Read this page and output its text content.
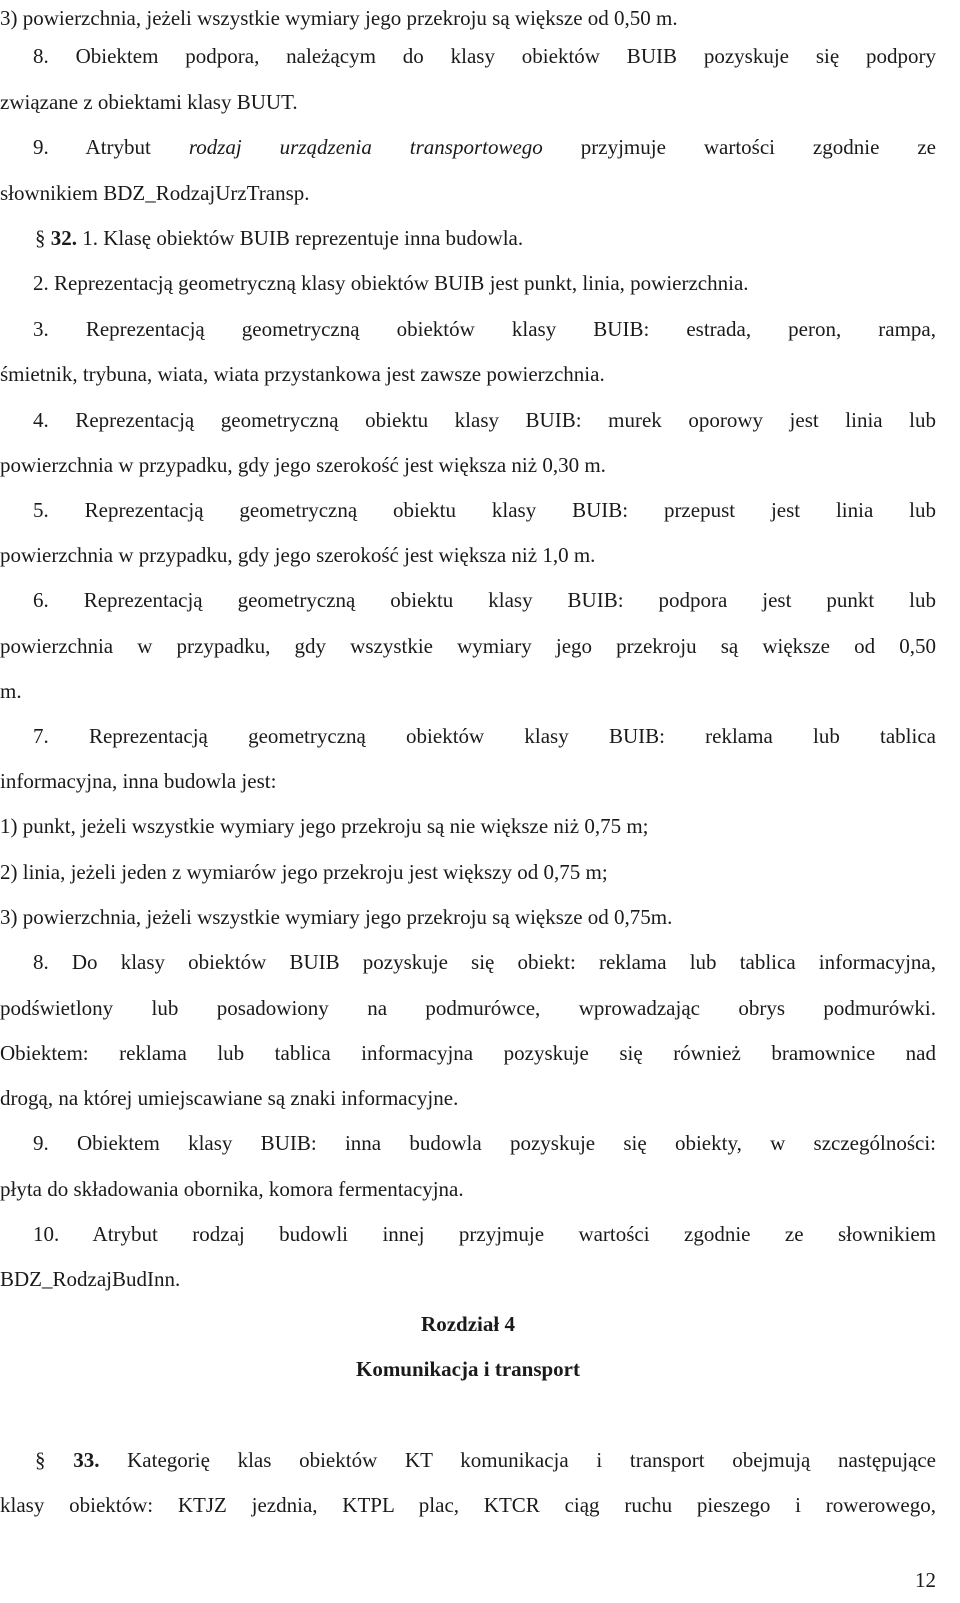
3) powierzchnia, jeżeli wszystkie wymiary jego przekroju są większe od 0,50 m.
8. Obiektem podpora, należącym do klasy obiektów BUIB pozyskuje się podpory
związane z obiektami klasy BUUT.
9. Atrybut rodzaj urządzenia transportowego przyjmuje wartości zgodnie ze
słownikiem BDZ_RodzajUrzTransp.
§ 32. 1. Klasę obiektów BUIB reprezentuje inna budowla.
2. Reprezentacją geometryczną klasy obiektów BUIB jest punkt, linia, powierzchnia.
3. Reprezentacją geometryczną obiektów klasy BUIB: estrada, peron, rampa,
śmietnik, trybuna, wiata, wiata przystankowa jest zawsze powierzchnia.
4. Reprezentacją geometryczną obiektu klasy BUIB: murek oporowy jest linia lub
powierzchnia w przypadku, gdy jego szerokość jest większa niż 0,30 m.
5. Reprezentacją geometryczną obiektu klasy BUIB: przepust jest linia lub
powierzchnia w przypadku, gdy jego szerokość jest większa niż 1,0 m.
6. Reprezentacją geometryczną obiektu klasy BUIB: podpora jest punkt lub
powierzchnia w przypadku, gdy wszystkie wymiary jego przekroju są większe od 0,50
m.
7. Reprezentacją geometryczną obiektów klasy BUIB: reklama lub tablica
informacyjna, inna budowla jest:
1) punkt, jeżeli wszystkie wymiary jego przekroju są nie większe niż 0,75 m;
2) linia, jeżeli jeden z wymiarów jego przekroju jest większy od 0,75 m;
3) powierzchnia, jeżeli wszystkie wymiary jego przekroju są większe od 0,75m.
8. Do klasy obiektów BUIB pozyskuje się obiekt: reklama lub tablica informacyjna,
podświetlony lub posadowiony na podmurówce, wprowadzając obrys podmurówki.
Obiektem: reklama lub tablica informacyjna pozyskuje się również bramownice nad
drogą, na której umiejscawiane są znaki informacyjne.
9. Obiektem klasy BUIB: inna budowla pozyskuje się obiekty, w szczególności:
płyta do składowania obornika, komora fermentacyjna.
10. Atrybut rodzaj budowli innej przyjmuje wartości zgodnie ze słownikiem
BDZ_RodzajBudInn.
Rozdział 4
Komunikacja i transport
§ 33. Kategorię klas obiektów KT komunikacja i transport obejmują następujące
klasy obiektów: KTJZ jezdnia, KTPL plac, KTCR ciąg ruchu pieszego i rowerowego,
12
